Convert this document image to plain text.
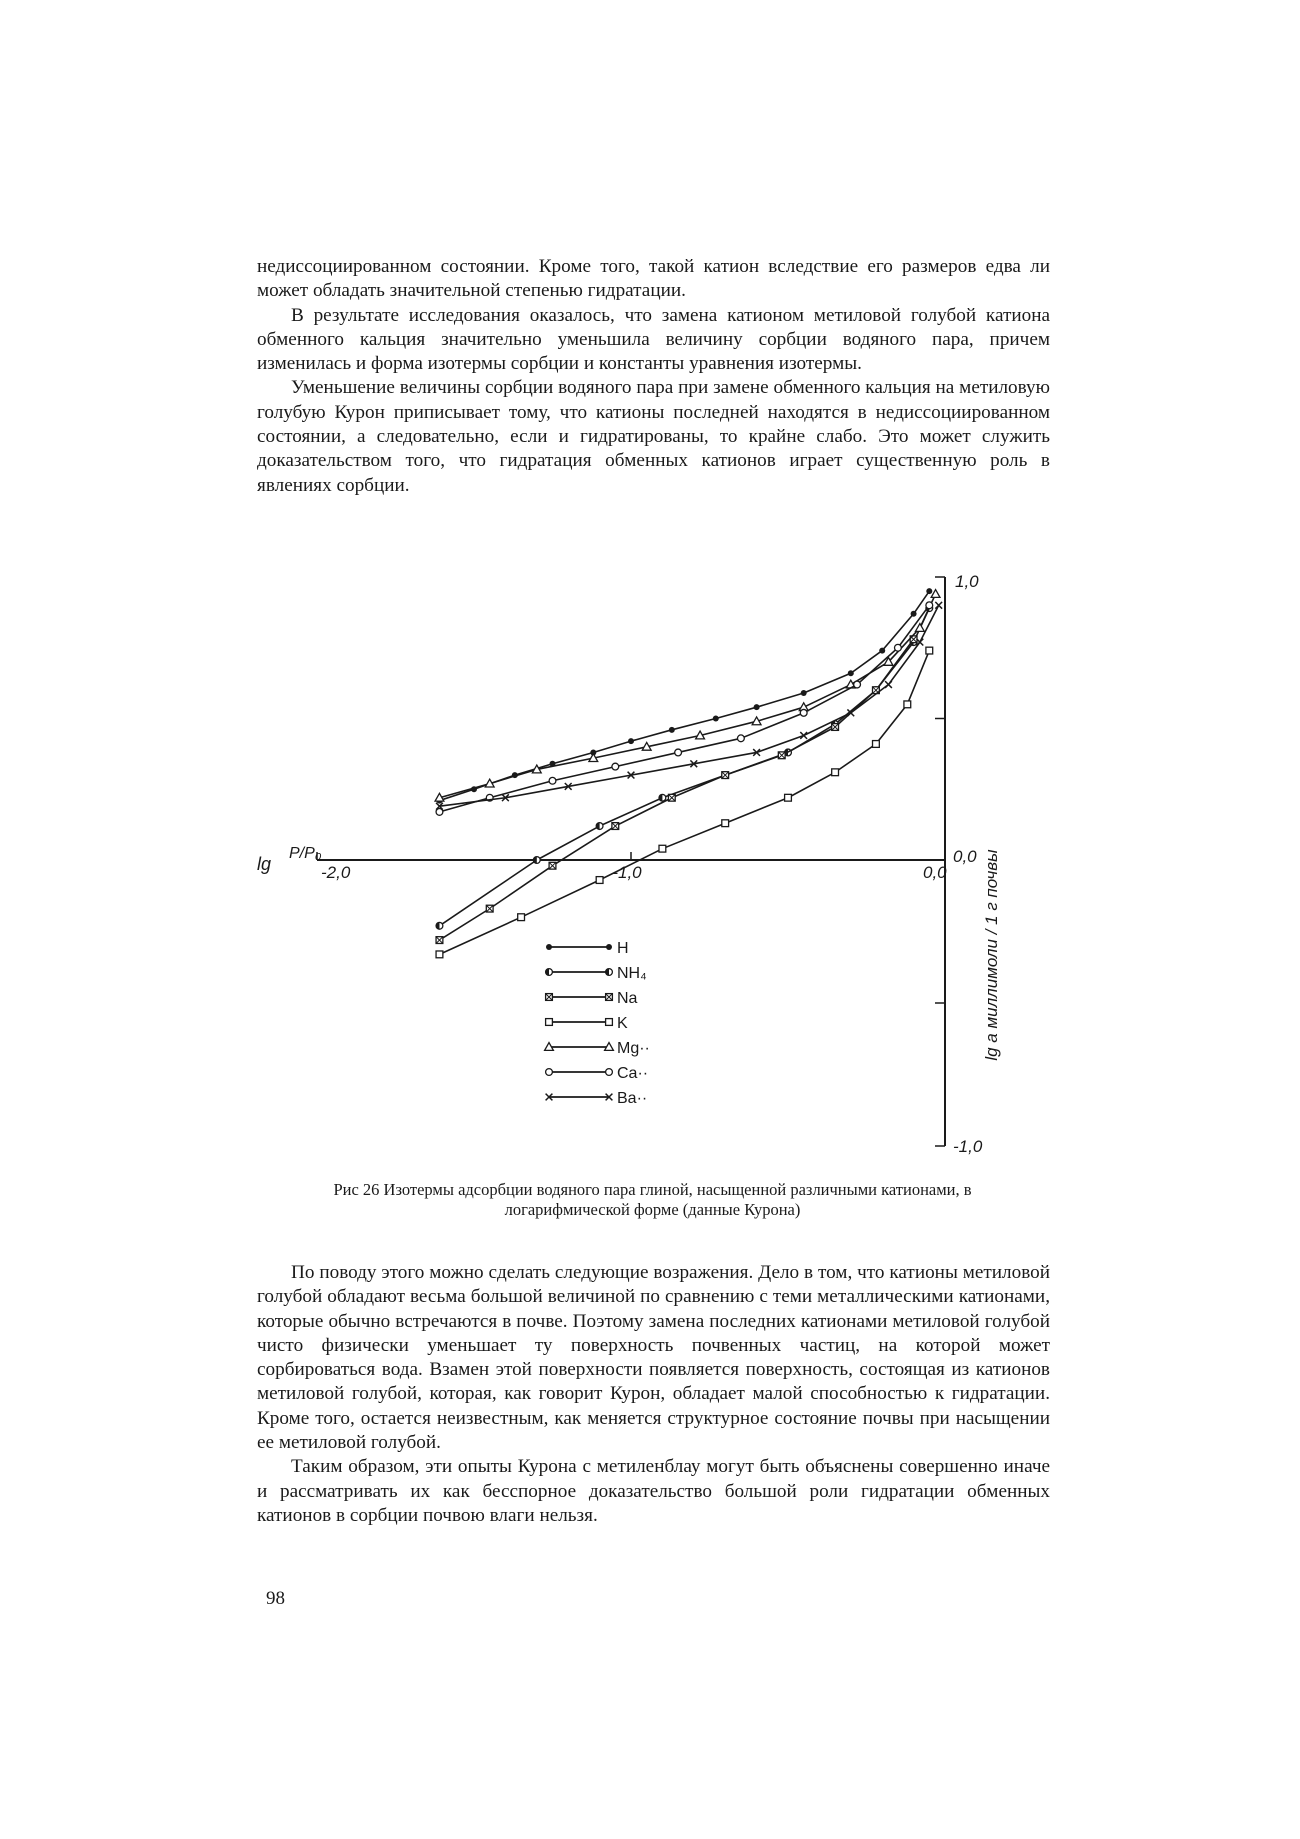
недиссоциированном состоянии. Кроме того, такой катион вследствие его размеров едва ли может обладать значительной степенью гидратации.

В результате исследования оказалось, что замена катионом метиловой голубой катиона обменного кальция значительно уменьшила величину сорбции водяного пара, причем изменилась и форма изотермы сорбции и константы уравнения изотермы.

Уменьшение величины сорбции водяного пара при замене обменного кальция на метиловую голубую Курон приписывает тому, что катионы последней находятся в недиссоциированном состоянии, а следовательно, если и гидратированы, то крайне слабо. Это может служить доказательством того, что гидратация обменных катионов играет существенную роль в явлениях сорбции.

-2,0	-1,0	0,0
1,0
0,0
-1,0
lg
P/P₀	lg a миллимоли / 1 г почвы
H
NH₄
Na
K
Mg··
Ca··
Ba··
Рис 26 Изотермы адсорбции водяного пара глиной, насыщенной различными катионами, в логарифмической форме (данные Курона)

По поводу этого можно сделать следующие возражения. Дело в том, что катионы метиловой голубой обладают весьма большой величиной по сравнению с теми металлическими катионами, которые обычно встречаются в почве. Поэтому замена последних катионами метиловой голубой чисто физически уменьшает ту поверхность почвенных частиц, на которой может сорбироваться вода. Взамен этой поверхности появляется поверхность, состоящая из катионов метиловой голубой, которая, как говорит Курон, обладает малой способностью к гидратации. Кроме того, остается неизвестным, как меняется структурное состояние почвы при насыщении ее метиловой голубой.

Таким образом, эти опыты Курона с метиленблау могут быть объяснены совершенно иначе и рассматривать их как бесспорное доказательство большой роли гидратации обменных катионов в сорбции почвою влаги нельзя.

98
